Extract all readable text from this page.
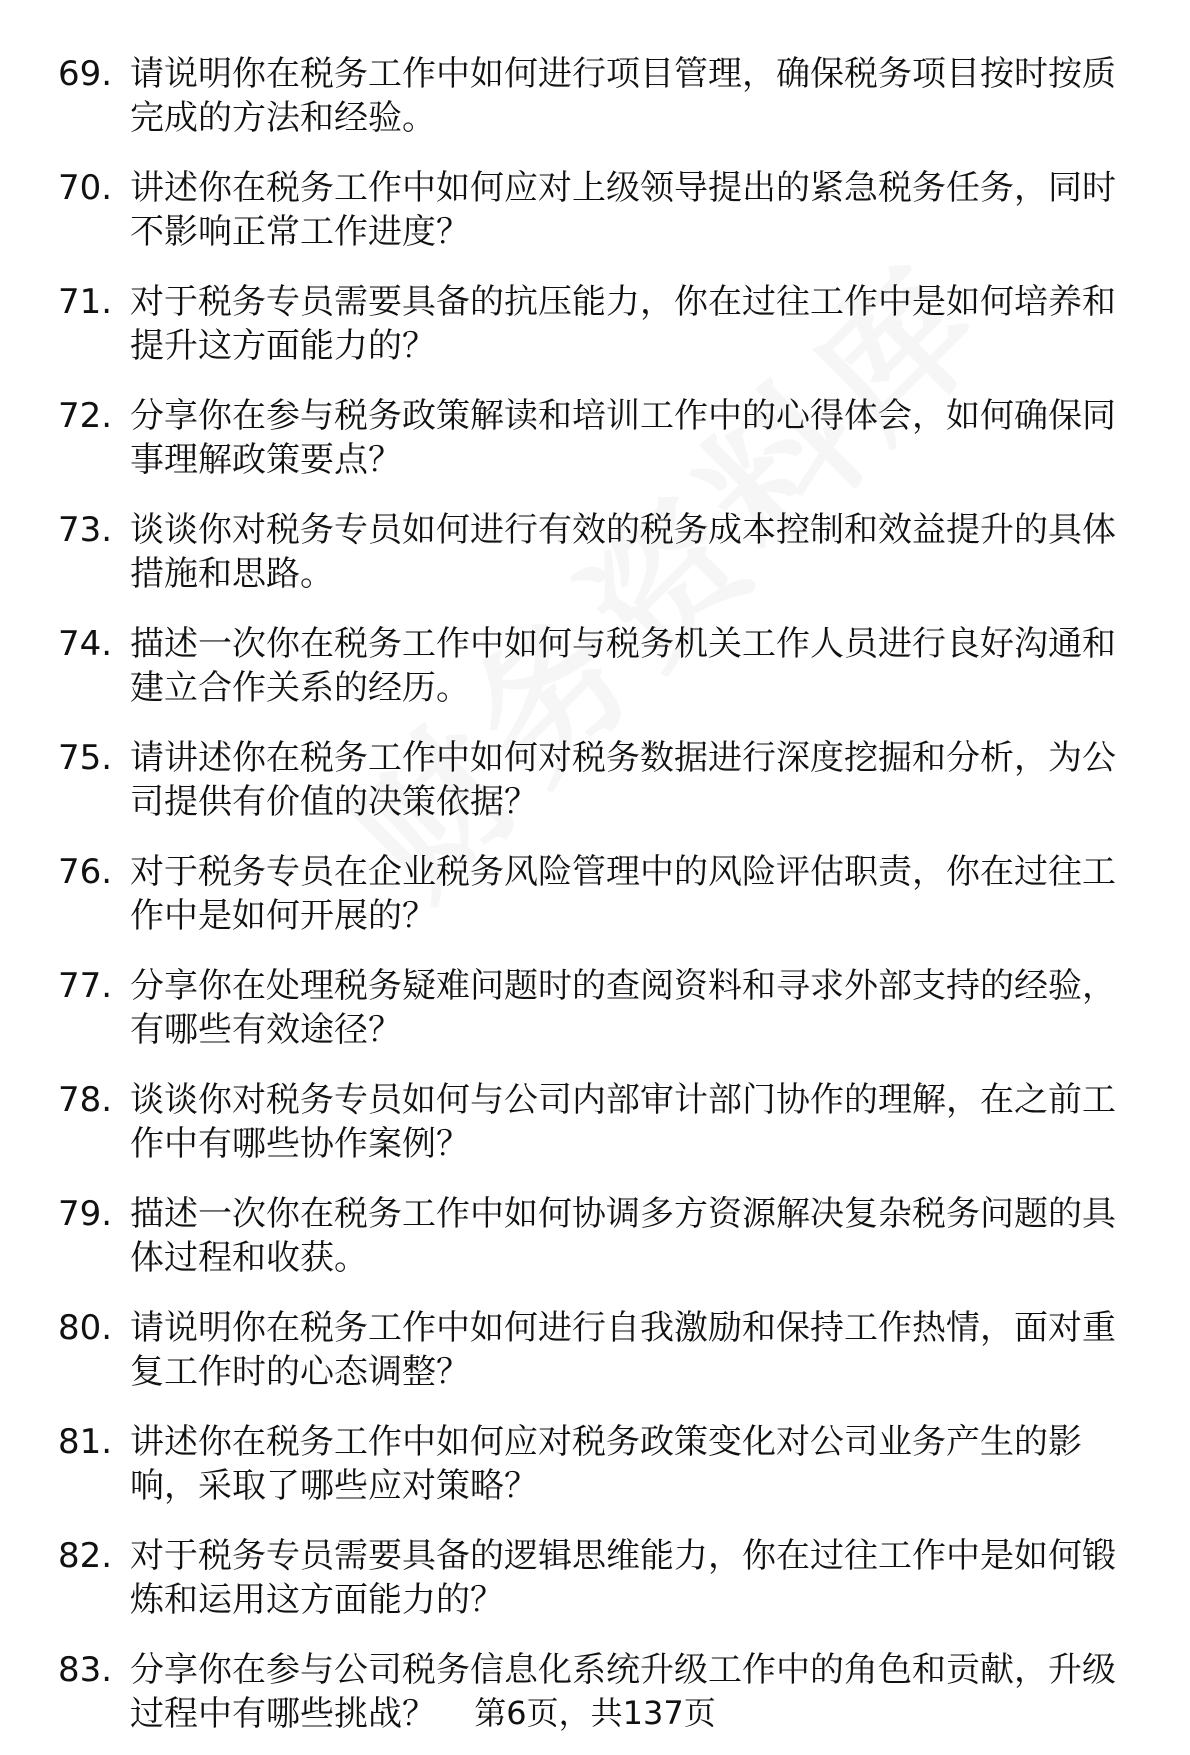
69. 请说明你在税务工作中如何进行项目管理，确保税务项目按时按质完成的方法和经验。
70. 讲述你在税务工作中如何应对上级领导提出的紧急税务任务，同时不影响正常工作进度？
71. 对于税务专员需要具备的抗压能力，你在过往工作中是如何培养和提升这方面能力的？
72. 分享你在参与税务政策解读和培训工作中的心得体会，如何确保同事理解政策要点？
73. 谈谈你对税务专员如何进行有效的税务成本控制和效益提升的具体措施和思路。
74. 描述一次你在税务工作中如何与税务机关工作人员进行良好沟通和建立合作关系的经历。
75. 请讲述你在税务工作中如何对税务数据进行深度挖掘和分析，为公司提供有价值的决策依据？
76. 对于税务专员在企业税务风险管理中的风险评估职责，你在过往工作中是如何开展的？
77. 分享你在处理税务疑难问题时的查阅资料和寻求外部支持的经验，有哪些有效途径？
78. 谈谈你对税务专员如何与公司内部审计部门协作的理解，在之前工作中有哪些协作案例？
79. 描述一次你在税务工作中如何协调多方资源解决复杂税务问题的具体过程和收获。
80. 请说明你在税务工作中如何进行自我激励和保持工作热情，面对重复工作时的心态调整？
81. 讲述你在税务工作中如何应对税务政策变化对公司业务产生的影响，采取了哪些应对策略？
82. 对于税务专员需要具备的逻辑思维能力，你在过往工作中是如何锻炼和运用这方面能力的？
83. 分享你在参与公司税务信息化系统升级工作中的角色和贡献，升级过程中有哪些挑战？	第6页，共137页
